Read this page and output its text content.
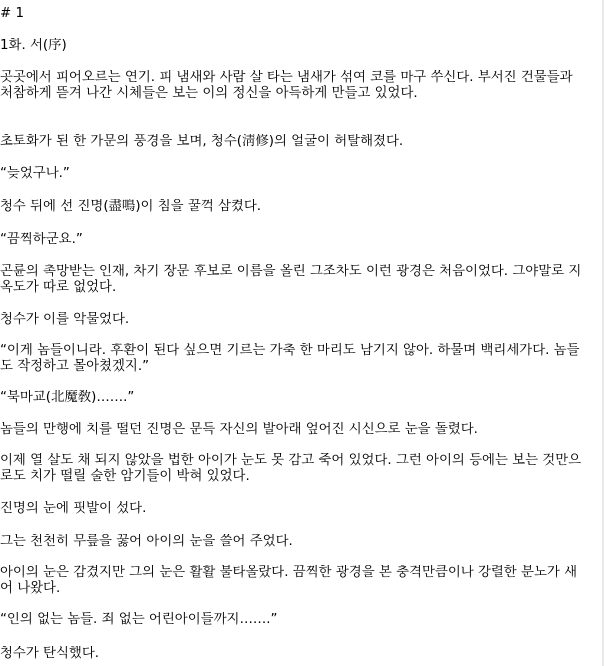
# 1
1화. 서(序)
곳곳에서 피어오르는 연기. 피 냄새와 사람 살 타는 냄새가 섞여 코를 마구 쑤신다. 부서진 건물들과 처참하게 뜯겨 나간 시체들은 보는 이의 정신을 아득하게 만들고 있었다.
초토화가 된 한 가문의 풍경을 보며, 청수(淸修)의 얼굴이 허탈해졌다.
“늦었구나.”
청수 뒤에 선 진명(盡鳴)이 침을 꿀꺽 삼켰다.
“끔찍하군요.”
곤륜의 촉망받는 인재, 차기 장문 후보로 이름을 올린 그조차도 이런 광경은 처음이었다. 그야말로 지옥도가 따로 없었다.
청수가 이를 악물었다.
“이게 놈들이니라. 후환이 된다 싶으면 기르는 가축 한 마리도 남기지 않아. 하물며 백리세가다. 놈들도 작정하고 몰아쳤겠지.”
“북마교(北魔敎)…….”
놈들의 만행에 치를 떨던 진명은 문득 자신의 발아래 엎어진 시신으로 눈을 돌렸다.
이제 열 살도 채 되지 않았을 법한 아이가 눈도 못 감고 죽어 있었다. 그런 아이의 등에는 보는 것만으로도 치가 떨릴 술한 암기들이 박혀 있었다.
진명의 눈에 핏발이 섰다.
그는 천천히 무릎을 꿇어 아이의 눈을 쓸어 주었다.
아이의 눈은 감겼지만 그의 눈은 활활 불타올랐다. 끔찍한 광경을 본 충격만큼이나 강렬한 분노가 새어 나왔다.
“인의 없는 놈들. 죄 없는 어린아이들까지…….”
청수가 탄식했다.
